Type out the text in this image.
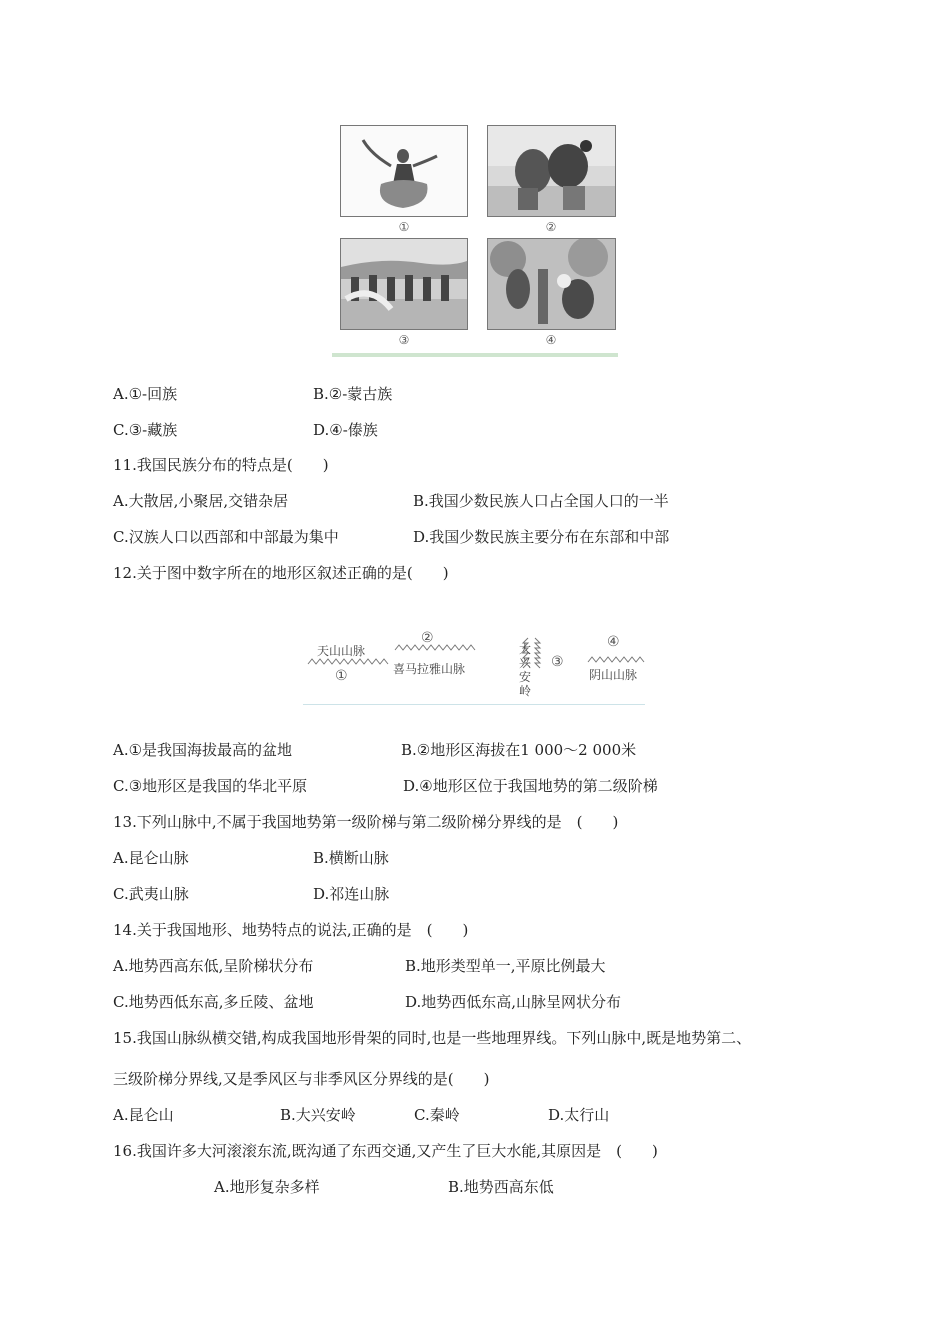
①	②
③	④
A.①-回族	B.②-蒙古族
C.③-藏族	D.④-傣族
11.我国民族分布的特点是(　　)
A.大散居,小聚居,交错杂居	B.我国少数民族人口占全国人口的一半
C.汉族人口以西部和中部最为集中	D.我国少数民族主要分布在东部和中部
12.关于图中数字所在的地形区叙述正确的是(　　)
天山山脉
①
②
喜马拉雅山脉
大兴安岭
③
④
阴山山脉
A.①是我国海拔最高的盆地	B.②地形区海拔在1 000～2 000米
C.③地形区是我国的华北平原	D.④地形区位于我国地势的第二级阶梯
13.下列山脉中,不属于我国地势第一级阶梯与第二级阶梯分界线的是　(　　)
A.昆仑山脉	B.横断山脉
C.武夷山脉	D.祁连山脉
14.关于我国地形、地势特点的说法,正确的是　(　　)
A.地势西高东低,呈阶梯状分布	B.地形类型单一,平原比例最大
C.地势西低东高,多丘陵、盆地	D.地势西低东高,山脉呈网状分布
15.我国山脉纵横交错,构成我国地形骨架的同时,也是一些地理界线。下列山脉中,既是地势第二、
三级阶梯分界线,又是季风区与非季风区分界线的是(　　)
A.昆仑山	B.大兴安岭	C.秦岭	D.太行山
16.我国许多大河滚滚东流,既沟通了东西交通,又产生了巨大水能,其原因是　(　　)
A.地形复杂多样	B.地势西高东低
